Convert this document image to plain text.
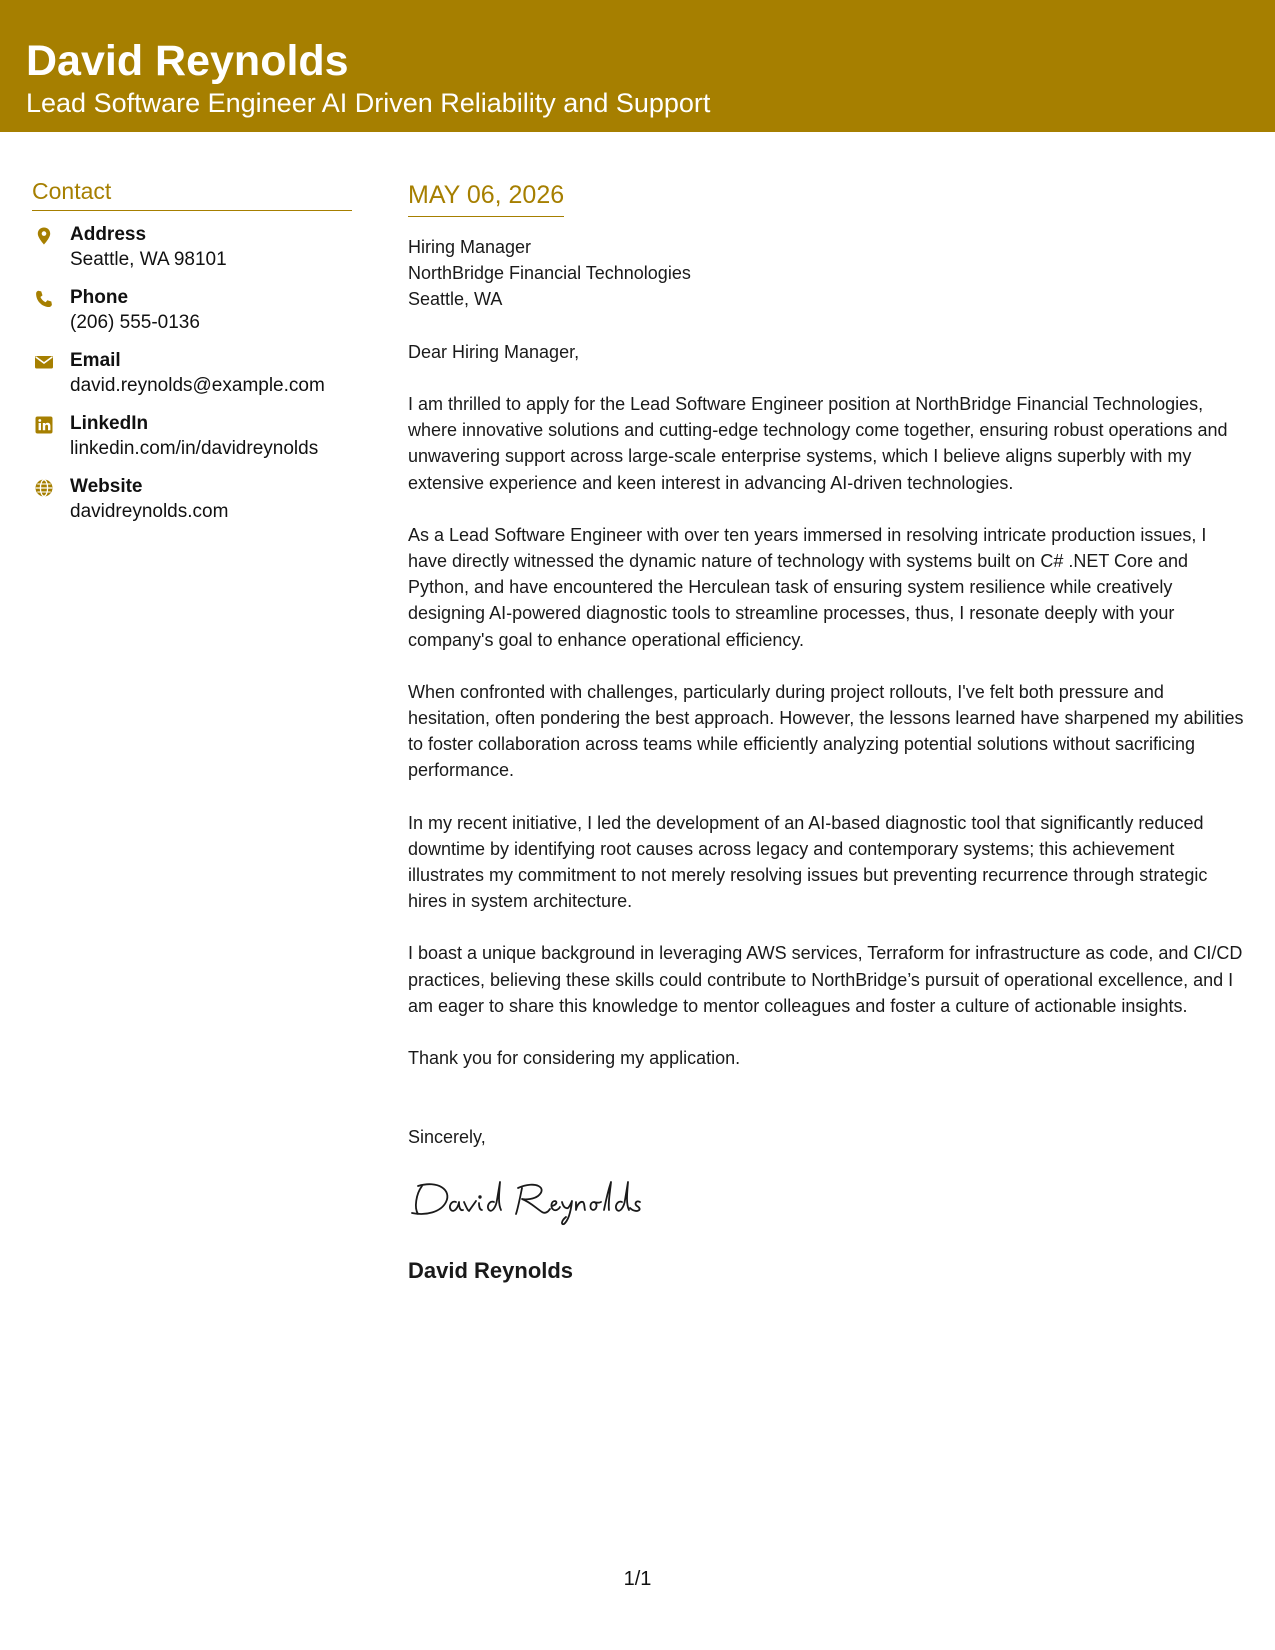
David Reynolds
Lead Software Engineer AI Driven Reliability and Support
Contact
Address
Seattle, WA 98101
Phone
(206) 555-0136
Email
david.reynolds@example.com
LinkedIn
linkedin.com/in/davidreynolds
Website
davidreynolds.com
MAY 06, 2026
Hiring Manager
NorthBridge Financial Technologies
Seattle, WA
Dear Hiring Manager,
I am thrilled to apply for the Lead Software Engineer position at NorthBridge Financial Technologies, where innovative solutions and cutting-edge technology come together, ensuring robust operations and unwavering support across large-scale enterprise systems, which I believe aligns superbly with my extensive experience and keen interest in advancing AI-driven technologies.
As a Lead Software Engineer with over ten years immersed in resolving intricate production issues, I have directly witnessed the dynamic nature of technology with systems built on C# .NET Core and Python, and have encountered the Herculean task of ensuring system resilience while creatively designing AI-powered diagnostic tools to streamline processes, thus, I resonate deeply with your company's goal to enhance operational efficiency.
When confronted with challenges, particularly during project rollouts, I've felt both pressure and hesitation, often pondering the best approach. However, the lessons learned have sharpened my abilities to foster collaboration across teams while efficiently analyzing potential solutions without sacrificing performance.
In my recent initiative, I led the development of an AI-based diagnostic tool that significantly reduced downtime by identifying root causes across legacy and contemporary systems; this achievement illustrates my commitment to not merely resolving issues but preventing recurrence through strategic hires in system architecture.
I boast a unique background in leveraging AWS services, Terraform for infrastructure as code, and CI/CD practices, believing these skills could contribute to NorthBridge’s pursuit of operational excellence, and I am eager to share this knowledge to mentor colleagues and foster a culture of actionable insights.
Thank you for considering my application.
Sincerely,
David Reynolds
1/1
